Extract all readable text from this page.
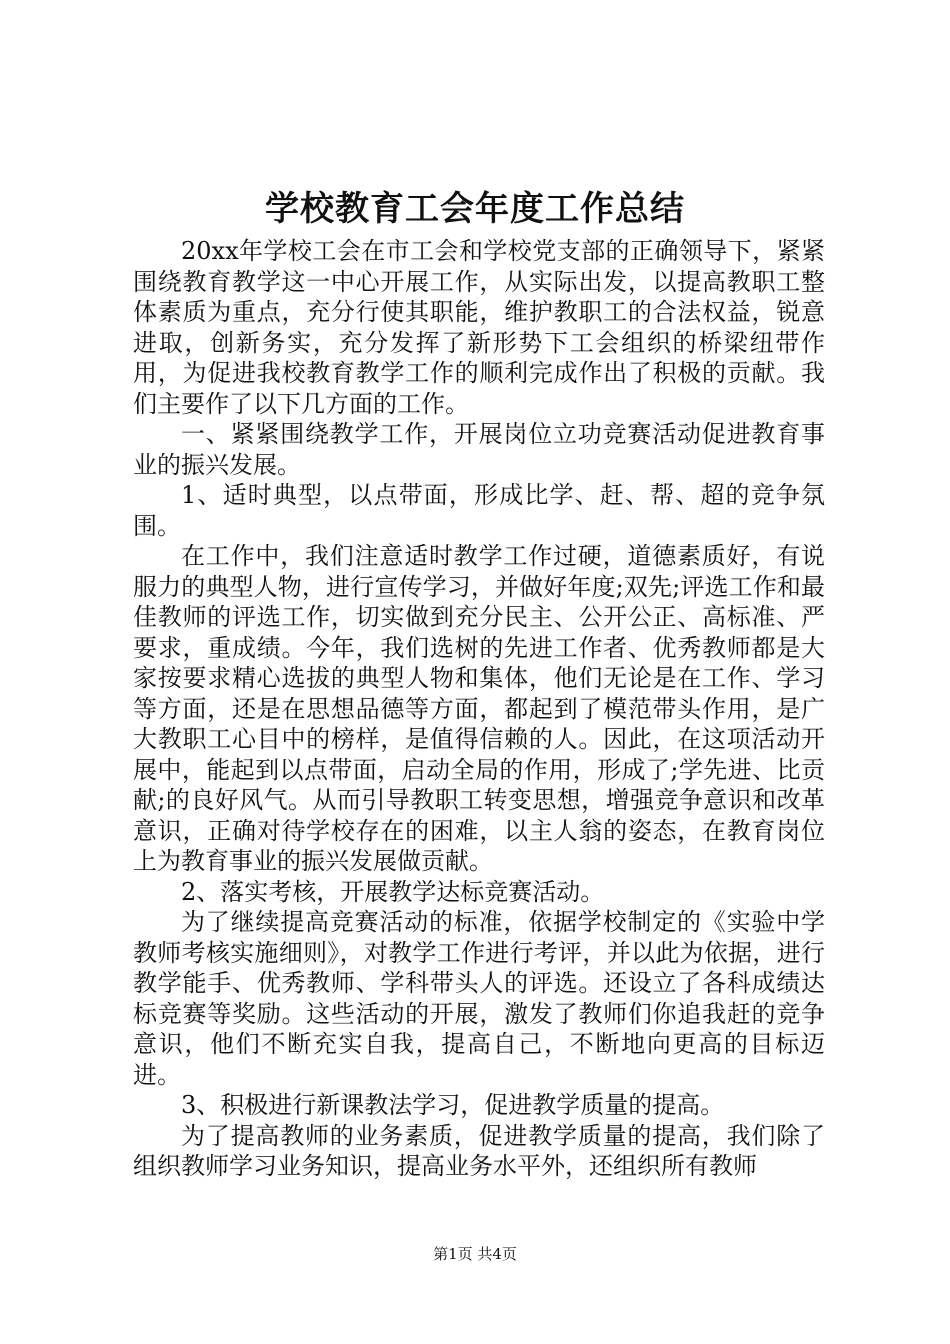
学校教育工会年度工作总结

20xx年学校工会在市工会和学校党支部的正确领导下，紧紧围绕教育教学这一中心开展工作，从实际出发，以提高教职工整体素质为重点，充分行使其职能，维护教职工的合法权益，锐意进取，创新务实，充分发挥了新形势下工会组织的桥梁纽带作用，为促进我校教育教学工作的顺利完成作出了积极的贡献。我们主要作了以下几方面的工作。

一、紧紧围绕教学工作，开展岗位立功竞赛活动促进教育事业的振兴发展。

1、适时典型，以点带面，形成比学、赶、帮、超的竞争氛围。

在工作中，我们注意适时教学工作过硬，道德素质好，有说服力的典型人物，进行宣传学习，并做好年度;双先;评选工作和最佳教师的评选工作，切实做到充分民主、公开公正、高标准、严要求，重成绩。今年，我们选树的先进工作者、优秀教师都是大家按要求精心选拔的典型人物和集体，他们无论是在工作、学习等方面，还是在思想品德等方面，都起到了模范带头作用，是广大教职工心目中的榜样，是值得信赖的人。因此，在这项活动开展中，能起到以点带面，启动全局的作用，形成了;学先进、比贡献;的良好风气。从而引导教职工转变思想，增强竞争意识和改革意识，正确对待学校存在的困难，以主人翁的姿态，在教育岗位上为教育事业的振兴发展做贡献。

2、落实考核，开展教学达标竞赛活动。

为了继续提高竞赛活动的标准，依据学校制定的《实验中学教师考核实施细则》，对教学工作进行考评，并以此为依据，进行教学能手、优秀教师、学科带头人的评选。还设立了各科成绩达标竞赛等奖励。这些活动的开展，激发了教师们你追我赶的竞争意识，他们不断充实自我，提高自己，不断地向更高的目标迈进。

3、积极进行新课教法学习，促进教学质量的提高。

为了提高教师的业务素质，促进教学质量的提高，我们除了组织教师学习业务知识，提高业务水平外，还组织所有教师

第1页 共4页
